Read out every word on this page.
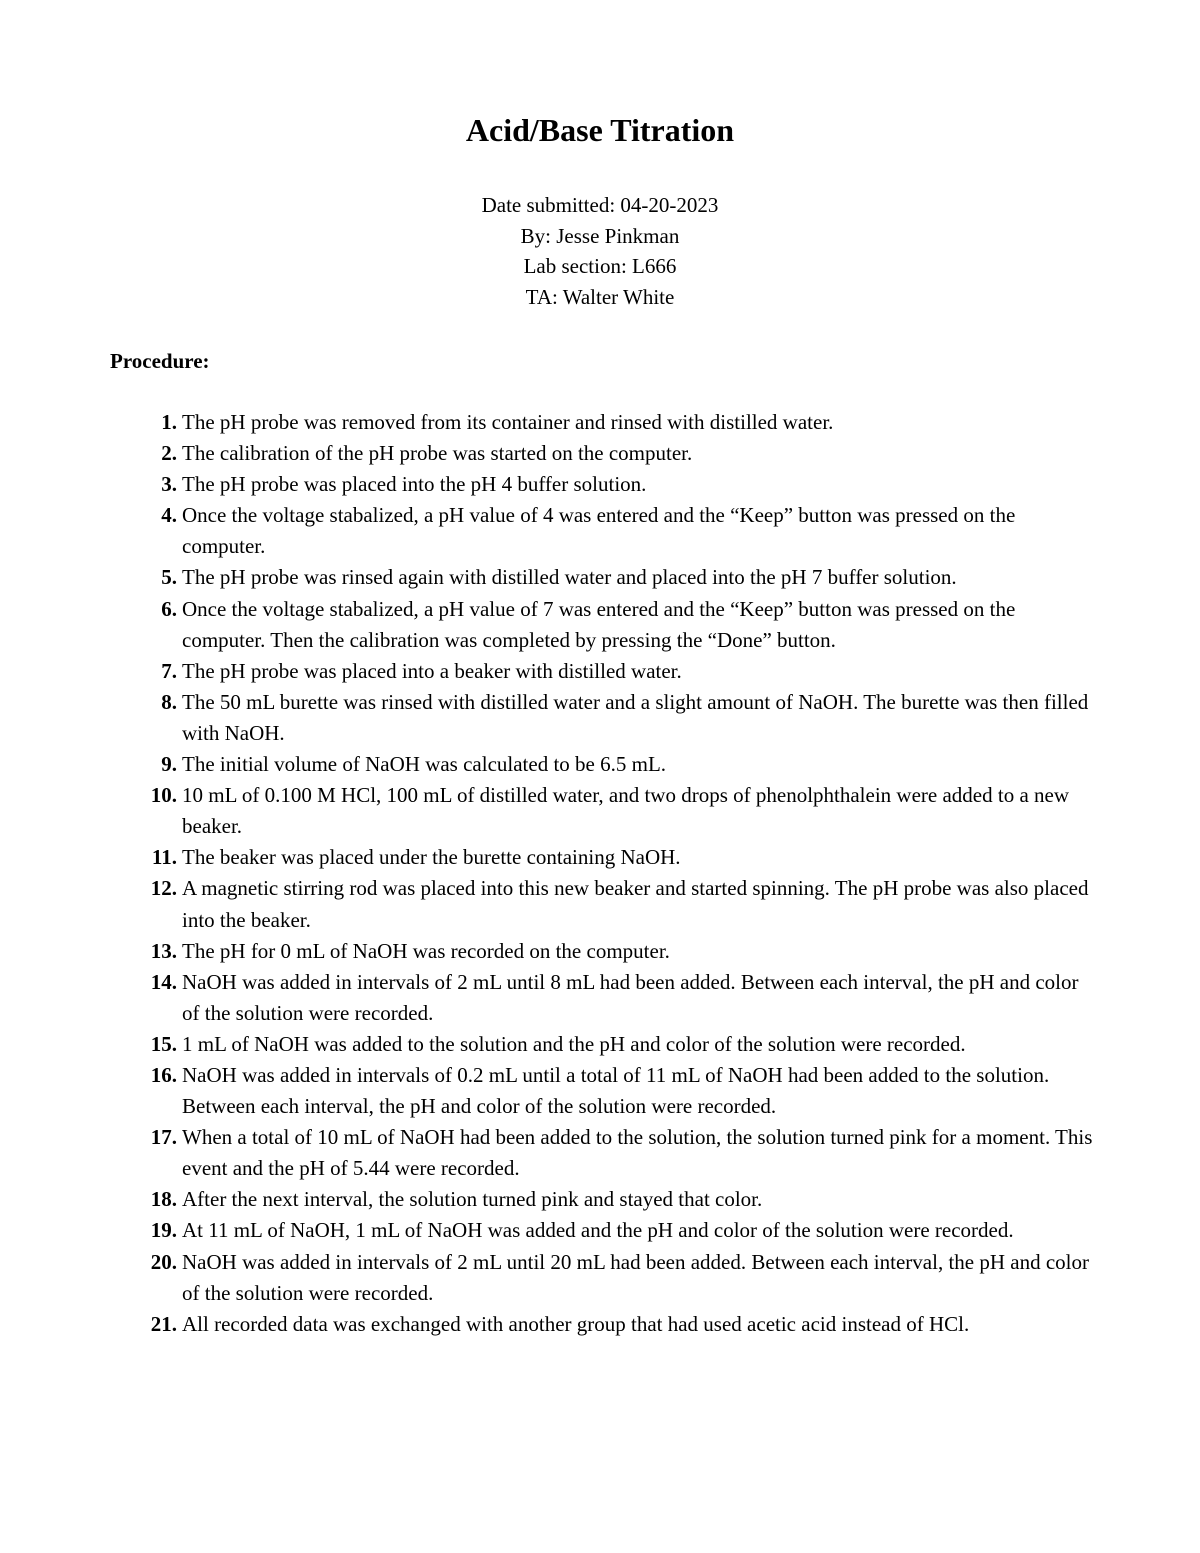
Acid/Base Titration
Date submitted: 04-20-2023
By: Jesse Pinkman
Lab section: L666
TA: Walter White
Procedure:
1. The pH probe was removed from its container and rinsed with distilled water.
2. The calibration of the pH probe was started on the computer.
3. The pH probe was placed into the pH 4 buffer solution.
4. Once the voltage stabalized, a pH value of 4 was entered and the “Keep” button was pressed on the computer.
5. The pH probe was rinsed again with distilled water and placed into the pH 7 buffer solution.
6. Once the voltage stabalized, a pH value of 7 was entered and the “Keep” button was pressed on the computer. Then the calibration was completed by pressing the “Done” button.
7. The pH probe was placed into a beaker with distilled water.
8. The 50 mL burette was rinsed with distilled water and a slight amount of NaOH. The burette was then filled with NaOH.
9. The initial volume of NaOH was calculated to be 6.5 mL.
10. 10 mL of 0.100 M HCl, 100 mL of distilled water, and two drops of phenolphthalein were added to a new beaker.
11. The beaker was placed under the burette containing NaOH.
12. A magnetic stirring rod was placed into this new beaker and started spinning. The pH probe was also placed into the beaker.
13. The pH for 0 mL of NaOH was recorded on the computer.
14. NaOH was added in intervals of 2 mL until 8 mL had been added. Between each interval, the pH and color of the solution were recorded.
15. 1 mL of NaOH was added to the solution and the pH and color of the solution were recorded.
16. NaOH was added in intervals of 0.2 mL until a total of 11 mL of NaOH had been added to the solution. Between each interval, the pH and color of the solution were recorded.
17. When a total of 10 mL of NaOH had been added to the solution, the solution turned pink for a moment. This event and the pH of 5.44 were recorded.
18. After the next interval, the solution turned pink and stayed that color.
19. At 11 mL of NaOH, 1 mL of NaOH was added and the pH and color of the solution were recorded.
20. NaOH was added in intervals of 2 mL until 20 mL had been added. Between each interval, the pH and color of the solution were recorded.
21. All recorded data was exchanged with another group that had used acetic acid instead of HCl.
